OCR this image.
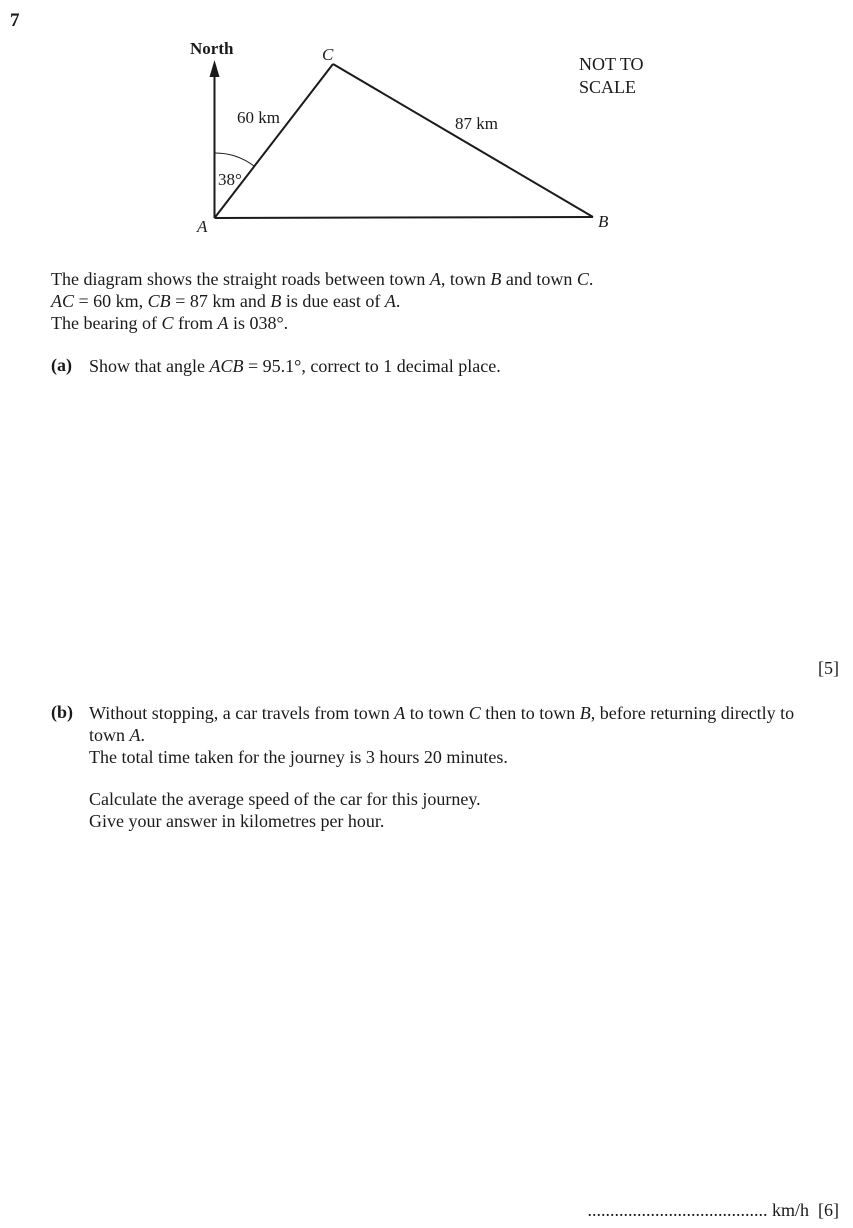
7
North	C
A	B
60 km	87 km
38°
NOT TO
SCALE
The diagram shows the straight roads between town A, town B and town C.
AC = 60 km, CB = 87 km and B is due east of A.
The bearing of C from A is 038°.
(a) Show that angle ACB = 95.1°, correct to 1 decimal place.
[5]
(b) Without stopping, a car travels from town A to town C then to town B, before returning directly to
town A.
The total time taken for the journey is 3 hours 20 minutes.
Calculate the average speed of the car for this journey.
Give your answer in kilometres per hour.
........................................ km/h [6]
